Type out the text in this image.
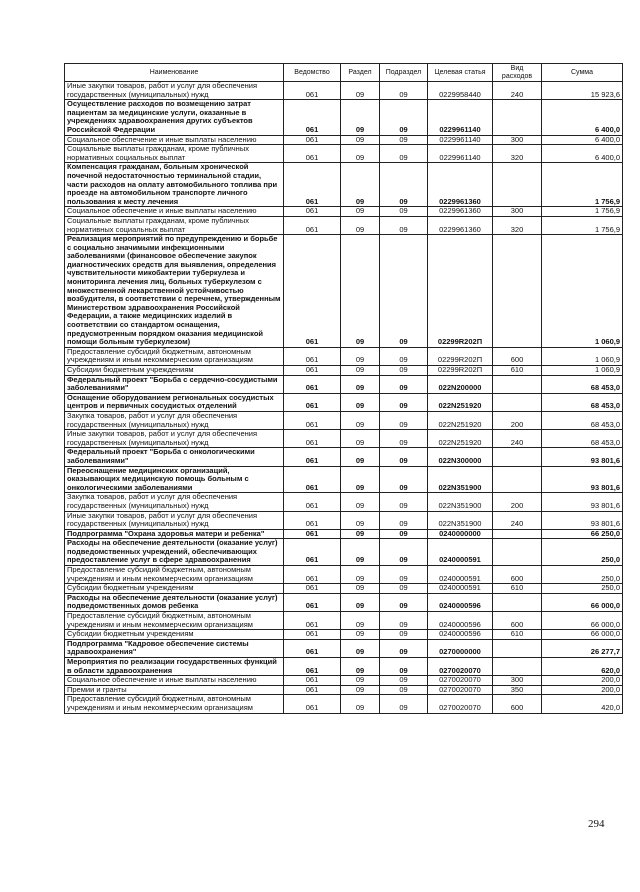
Наименование	Ведомство	Раздел	Подраздел	Целевая статья	Вид расходов	Сумма
Иные закупки товаров, работ и услуг для обеспечения государственных (муниципальных) нужд	061	09	09	0229958440	240	15 923,6
Осуществление расходов по возмещению затрат пациентам за медицинские услуги, оказанные в учреждениях здравоохранения других субъектов Российской Федерации	061	09	09	0229961140		6 400,0
Социальное обеспечение и иные выплаты населению	061	09	09	0229961140	300	6 400,0
Социальные выплаты гражданам, кроме публичных нормативных социальных выплат	061	09	09	0229961140	320	6 400,0
Компенсация гражданам, больным хронической почечной недостаточностью терминальной стадии, части расходов на оплату автомобильного топлива при проезде на автомобильном транспорте личного пользования к месту лечения	061	09	09	0229961360		1 756,9
Социальное обеспечение и иные выплаты населению	061	09	09	0229961360	300	1 756,9
Социальные выплаты гражданам, кроме публичных нормативных социальных выплат	061	09	09	0229961360	320	1 756,9
Реализация мероприятий по предупреждению и борьбе с социально значимыми инфекционными заболеваниями (финансовое обеспечение закупок диагностических средств для выявления, определения чувствительности микобактерии туберкулеза и мониторинга лечения лиц, больных туберкулезом с множественной лекарственной устойчивостью возбудителя, в соответствии с перечнем, утвержденным Министерством здравоохранения Российской Федерации, а также медицинских изделий в соответствии со стандартом оснащения, предусмотренным порядком оказания медицинской помощи больным туберкулезом)	061	09	09	02299R202П		1 060,9
Предоставление субсидий бюджетным, автономным учреждениям и иным некоммерческим организациям	061	09	09	02299R202П	600	1 060,9
Субсидии бюджетным учреждениям	061	09	09	02299R202П	610	1 060,9
Федеральный проект "Борьба с сердечно-сосудистыми заболеваниями"	061	09	09	022N200000		68 453,0
Оснащение оборудованием региональных сосудистых центров и первичных сосудистых отделений	061	09	09	022N251920		68 453,0
Закупка товаров, работ и услуг для обеспечения государственных (муниципальных) нужд	061	09	09	022N251920	200	68 453,0
Иные закупки товаров, работ и услуг для обеспечения государственных (муниципальных) нужд	061	09	09	022N251920	240	68 453,0
Федеральный проект "Борьба с онкологическими заболеваниями"	061	09	09	022N300000		93 801,6
Переоснащение медицинских организаций, оказывающих медицинскую помощь больным с онкологическими заболеваниями	061	09	09	022N351900		93 801,6
Закупка товаров, работ и услуг для обеспечения государственных (муниципальных) нужд	061	09	09	022N351900	200	93 801,6
Иные закупки товаров, работ и услуг для обеспечения государственных (муниципальных) нужд	061	09	09	022N351900	240	93 801,6
Подпрограмма "Охрана здоровья матери и ребенка"	061	09	09	0240000000		66 250,0
Расходы на обеспечение деятельности (оказание услуг) подведомственных учреждений, обеспечивающих предоставление услуг в сфере здравоохранения	061	09	09	0240000591		250,0
Предоставление субсидий бюджетным, автономным учреждениям и иным некоммерческим организациям	061	09	09	0240000591	600	250,0
Субсидии бюджетным учреждениям	061	09	09	0240000591	610	250,0
Расходы на обеспечение деятельности (оказание услуг) подведомственных домов ребенка	061	09	09	0240000596		66 000,0
Предоставление субсидий бюджетным, автономным учреждениям и иным некоммерческим организациям	061	09	09	0240000596	600	66 000,0
Субсидии бюджетным учреждениям	061	09	09	0240000596	610	66 000,0
Подпрограмма "Кадровое обеспечение системы здравоохранения"	061	09	09	0270000000		26 277,7
Мероприятия по реализации государственных функций в области здравоохранения	061	09	09	0270020070		620,0
Социальное обеспечение и иные выплаты населению	061	09	09	0270020070	300	200,0
Премии и гранты	061	09	09	0270020070	350	200,0
Предоставление субсидий бюджетным, автономным учреждениям и иным некоммерческим организациям	061	09	09	0270020070	600	420,0
294
